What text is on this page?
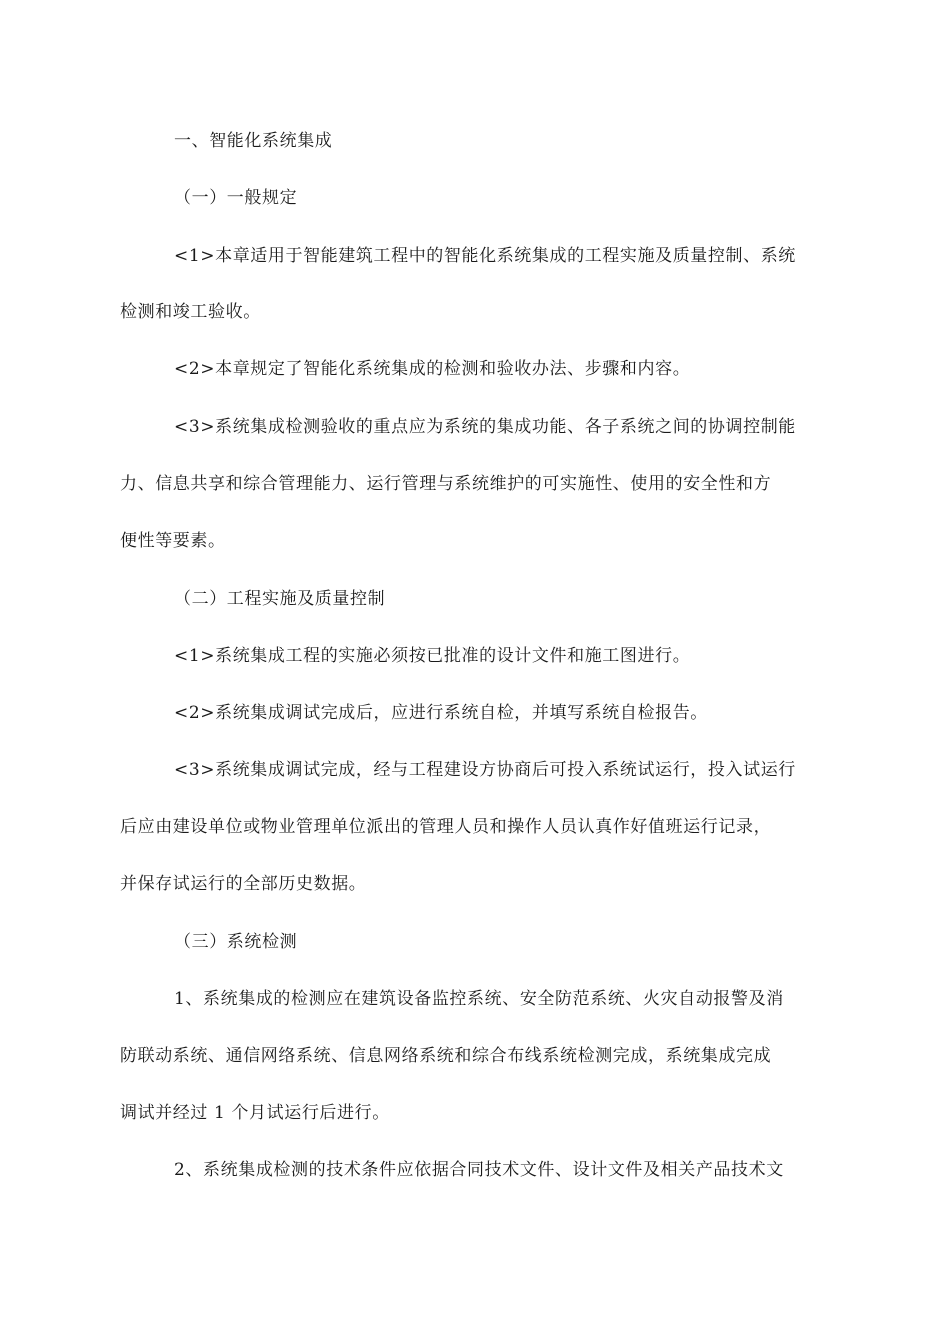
一、智能化系统集成
（一）一般规定
<1>本章适用于智能建筑工程中的智能化系统集成的工程实施及质量控制、系统
检测和竣工验收。
<2>本章规定了智能化系统集成的检测和验收办法、步骤和内容。
<3>系统集成检测验收的重点应为系统的集成功能、各子系统之间的协调控制能
力、信息共享和综合管理能力、运行管理与系统维护的可实施性、使用的安全性和方
便性等要素。
（二）工程实施及质量控制
<1>系统集成工程的实施必须按已批准的设计文件和施工图进行。
<2>系统集成调试完成后，应进行系统自检，并填写系统自检报告。
<3>系统集成调试完成，经与工程建设方协商后可投入系统试运行，投入试运行
后应由建设单位或物业管理单位派出的管理人员和操作人员认真作好值班运行记录，
并保存试运行的全部历史数据。
（三）系统检测
1、系统集成的检测应在建筑设备监控系统、安全防范系统、火灾自动报警及消
防联动系统、通信网络系统、信息网络系统和综合布线系统检测完成，系统集成完成
调试并经过 1 个月试运行后进行。
2、系统集成检测的技术条件应依据合同技术文件、设计文件及相关产品技术文
